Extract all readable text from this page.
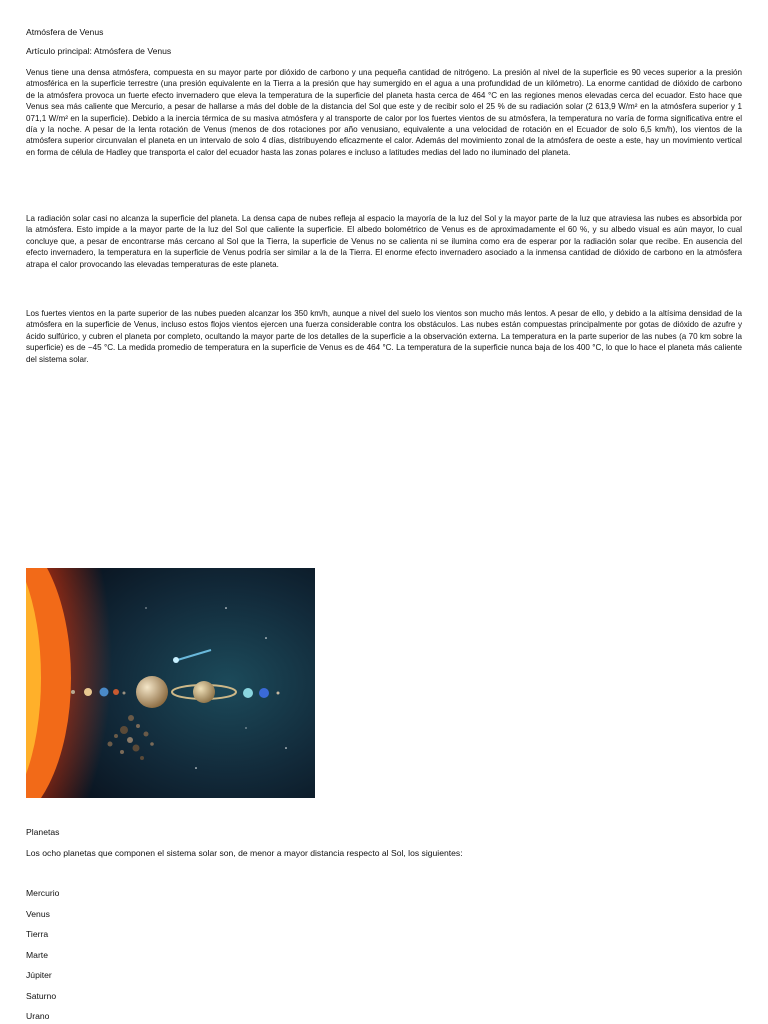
Atmósfera de Venus
Artículo principal: Atmósfera de Venus
Venus tiene una densa atmósfera, compuesta en su mayor parte por dióxido de carbono y una pequeña cantidad de nitrógeno. La presión al nivel de la superficie es 90 veces superior a la presión atmosférica en la superficie terrestre (una presión equivalente en la Tierra a la presión que hay sumergido en el agua a una profundidad de un kilómetro). La enorme cantidad de dióxido de carbono de la atmósfera provoca un fuerte efecto invernadero que eleva la temperatura de la superficie del planeta hasta cerca de 464 °C en las regiones menos elevadas cerca del ecuador. Esto hace que Venus sea más caliente que Mercurio, a pesar de hallarse a más del doble de la distancia del Sol que este y de recibir solo el 25 % de su radiación solar (2 613,9 W/m² en la atmósfera superior y 1 071,1 W/m² en la superficie). Debido a la inercia térmica de su masiva atmósfera y al transporte de calor por los fuertes vientos de su atmósfera, la temperatura no varía de forma significativa entre el día y la noche. A pesar de la lenta rotación de Venus (menos de dos rotaciones por año venusiano, equivalente a una velocidad de rotación en el Ecuador de solo 6,5 km/h), los vientos de la atmósfera superior circunvalan el planeta en un intervalo de solo 4 días, distribuyendo eficazmente el calor. Además del movimiento zonal de la atmósfera de oeste a este, hay un movimiento vertical en forma de célula de Hadley que transporta el calor del ecuador hasta las zonas polares e incluso a latitudes medias del lado no iluminado del planeta.
La radiación solar casi no alcanza la superficie del planeta. La densa capa de nubes refleja al espacio la mayoría de la luz del Sol y la mayor parte de la luz que atraviesa las nubes es absorbida por la atmósfera. Esto impide a la mayor parte de la luz del Sol que caliente la superficie. El albedo bolométrico de Venus es de aproximadamente el 60 %, y su albedo visual es aún mayor, lo cual concluye que, a pesar de encontrarse más cercano al Sol que la Tierra, la superficie de Venus no se calienta ni se ilumina como era de esperar por la radiación solar que recibe. En ausencia del efecto invernadero, la temperatura en la superficie de Venus podría ser similar a la de la Tierra. El enorme efecto invernadero asociado a la inmensa cantidad de dióxido de carbono en la atmósfera atrapa el calor provocando las elevadas temperaturas de este planeta.
Los fuertes vientos en la parte superior de las nubes pueden alcanzar los 350 km/h, aunque a nivel del suelo los vientos son mucho más lentos. A pesar de ello, y debido a la altísima densidad de la atmósfera en la superficie de Venus, incluso estos flojos vientos ejercen una fuerza considerable contra los obstáculos. Las nubes están compuestas principalmente por gotas de dióxido de azufre y ácido sulfúrico, y cubren el planeta por completo, ocultando la mayor parte de los detalles de la superficie a la observación externa. La temperatura en la parte superior de las nubes (a 70 km sobre la superficie) es de −45 °C. La medida promedio de temperatura en la superficie de Venus es de 464 °C. La temperatura de la superficie nunca baja de los 400 °C, lo que lo hace el planeta más caliente del sistema solar.
Planetas
Los ocho planetas que componen el sistema solar son, de menor a mayor distancia respecto al Sol, los siguientes:
Mercurio
Venus
Tierra
Marte
Júpiter
Saturno
Urano
